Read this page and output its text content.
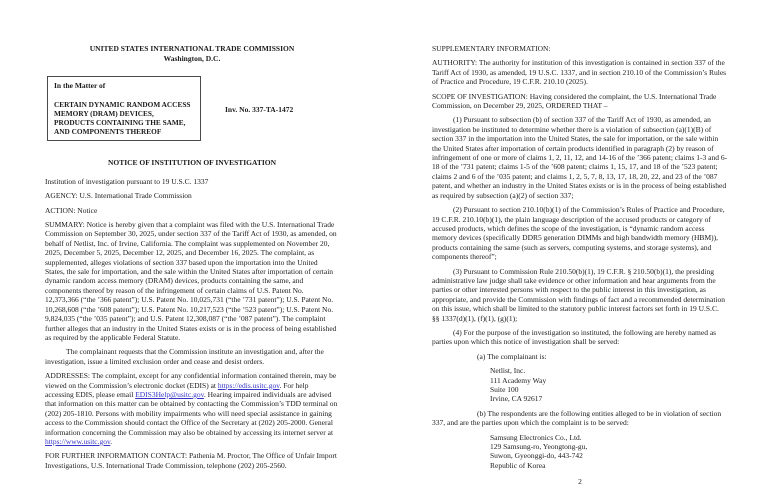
UNITED STATES INTERNATIONAL TRADE COMMISSION
Washington, D.C.
In the Matter of
CERTAIN DYNAMIC RANDOM ACCESS MEMORY (DRAM) DEVICES, PRODUCTS CONTAINING THE SAME, AND COMPONENTS THEREOF
Inv. No. 337-TA-1472
NOTICE OF INSTITUTION OF INVESTIGATION

Institution of investigation pursuant to 19 U.S.C. 1337

AGENCY: U.S. International Trade Commission

ACTION: Notice

SUMMARY: Notice is hereby given that a complaint was filed with the U.S. International Trade Commission on September 30, 2025, under section 337 of the Tariff Act of 1930, as amended, on behalf of Netlist, Inc. of Irvine, California. The complaint was supplemented on November 20, 2025, December 5, 2025, December 12, 2025, and December 16, 2025. The complaint, as supplemented, alleges violations of section 337 based upon the importation into the United States, the sale for importation, and the sale within the United States after importation of certain dynamic random access memory (DRAM) devices, products containing the same, and components thereof by reason of the infringement of certain claims of U.S. Patent No. 12,373,366 (“the ’366 patent”); U.S. Patent No. 10,025,731 (“the ’731 patent”); U.S. Patent No. 10,268,608 (“the ’608 patent”); U.S. Patent No. 10,217,523 (“the ’523 patent”); U.S. Patent No. 9,824,035 (“the ’035 patent”); and U.S. Patent 12,308,087 (“the ’087 patent”). The complaint further alleges that an industry in the United States exists or is in the process of being established as required by the applicable Federal Statute.

The complainant requests that the Commission institute an investigation and, after the investigation, issue a limited exclusion order and cease and desist orders.

ADDRESSES: The complaint, except for any confidential information contained therein, may be viewed on the Commission’s electronic docket (EDIS) at https://edis.usitc.gov. For help accessing EDIS, please email EDIS3Help@usitc.gov. Hearing impaired individuals are advised that information on this matter can be obtained by contacting the Commission’s TDD terminal on (202) 205-1810. Persons with mobility impairments who will need special assistance in gaining access to the Commission should contact the Office of the Secretary at (202) 205-2000. General information concerning the Commission may also be obtained by accessing its internet server at https://www.usitc.gov.

FOR FURTHER INFORMATION CONTACT: Pathenia M. Proctor, The Office of Unfair Import Investigations, U.S. International Trade Commission, telephone (202) 205-2560.

SUPPLEMENTARY INFORMATION:

AUTHORITY: The authority for institution of this investigation is contained in section 337 of the Tariff Act of 1930, as amended, 19 U.S.C. 1337, and in section 210.10 of the Commission’s Rules of Practice and Procedure, 19 C.F.R. 210.10 (2025).

SCOPE OF INVESTIGATION: Having considered the complaint, the U.S. International Trade Commission, on December 29, 2025, ORDERED THAT –

(1) Pursuant to subsection (b) of section 337 of the Tariff Act of 1930, as amended, an investigation be instituted to determine whether there is a violation of subsection (a)(1)(B) of section 337 in the importation into the United States, the sale for importation, or the sale within the United States after importation of certain products identified in paragraph (2) by reason of infringement of one or more of claims 1, 2, 11, 12, and 14-16 of the ’366 patent; claims 1-3 and 6-18 of the ’731 patent; claims 1-5 of the ’608 patent; claims 1, 15, 17, and 18 of the ’523 patent; claims 2 and 6 of the ’035 patent; and claims 1, 2, 5, 7, 8, 13, 17, 18, 20, 22, and 23 of the ’087 patent, and whether an industry in the United States exists or is in the process of being established as required by subsection (a)(2) of section 337;

(2) Pursuant to section 210.10(b)(1) of the Commission’s Rules of Practice and Procedure, 19 C.F.R. 210.10(b)(1), the plain language description of the accused products or category of accused products, which defines the scope of the investigation, is “dynamic random access memory devices (specifically DDR5 generation DIMMs and high bandwidth memory (HBM)), products containing the same (such as servers, computing systems, and storage systems), and components thereof”;

(3) Pursuant to Commission Rule 210.50(b)(1), 19 C.F.R. § 210.50(b)(1), the presiding administrative law judge shall take evidence or other information and hear arguments from the parties or other interested persons with respect to the public interest in this investigation, as appropriate, and provide the Commission with findings of fact and a recommended determination on this issue, which shall be limited to the statutory public interest factors set forth in 19 U.S.C. §§ 1337(d)(1), (f)(1), (g)(1);

(4) For the purpose of the investigation so instituted, the following are hereby named as parties upon which this notice of investigation shall be served:

(a) The complainant is:

Netlist, Inc.
111 Academy Way
Suite 100
Irvine, CA 92617

(b) The respondents are the following entities alleged to be in violation of section 337, and are the parties upon which the complaint is to be served:

Samsung Electronics Co., Ltd.
129 Samsung-ro, Yeongtong-gu,
Suwon, Gyeonggi-do, 443-742
Republic of Korea
2
